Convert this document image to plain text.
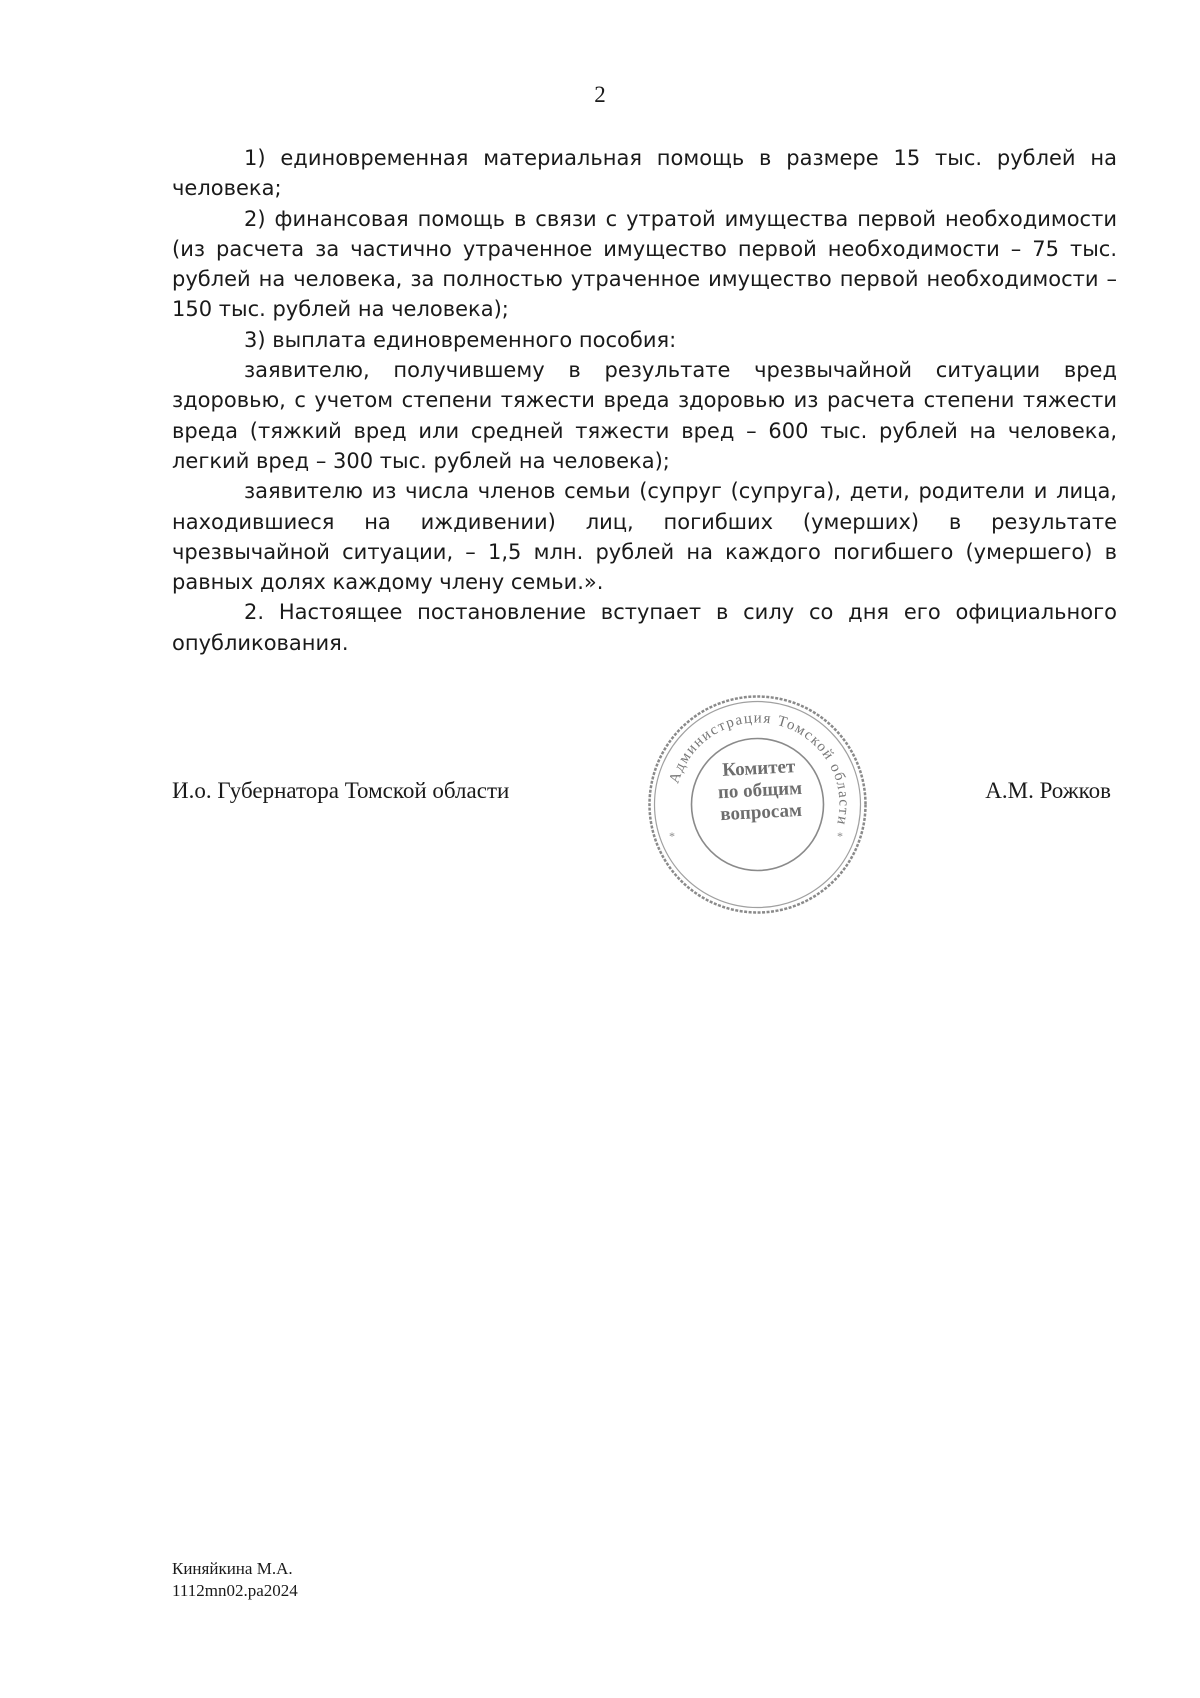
2

1) единовременная материальная помощь в размере 15 тыс. рублей на человека;

2) финансовая помощь в связи с утратой имущества первой необходимости (из расчета за частично утраченное имущество первой необходимости – 75 тыс. рублей на человека, за полностью утраченное имущество первой необходимости – 150 тыс. рублей на человека);

3) выплата единовременного пособия:

заявителю, получившему в результате чрезвычайной ситуации вред здоровью, с учетом степени тяжести вреда здоровью из расчета степени тяжести вреда (тяжкий вред или средней тяжести вред – 600 тыс. рублей на человека, легкий вред – 300 тыс. рублей на человека);

заявителю из числа членов семьи (супруг (супруга), дети, родители и лица, находившиеся на иждивении) лиц, погибших (умерших) в результате чрезвычайной ситуации, – 1,5 млн. рублей на каждого погибшего (умершего) в равных долях каждому члену семьи.».

2. Настоящее постановление вступает в силу со дня его официального опубликования.

И.о. Губернатора Томской области	А.М. Рожков
Администрация Томской области
*	*
Комитет
по общим
вопросам
Киняйкина М.А.
1112mn02.ра2024
